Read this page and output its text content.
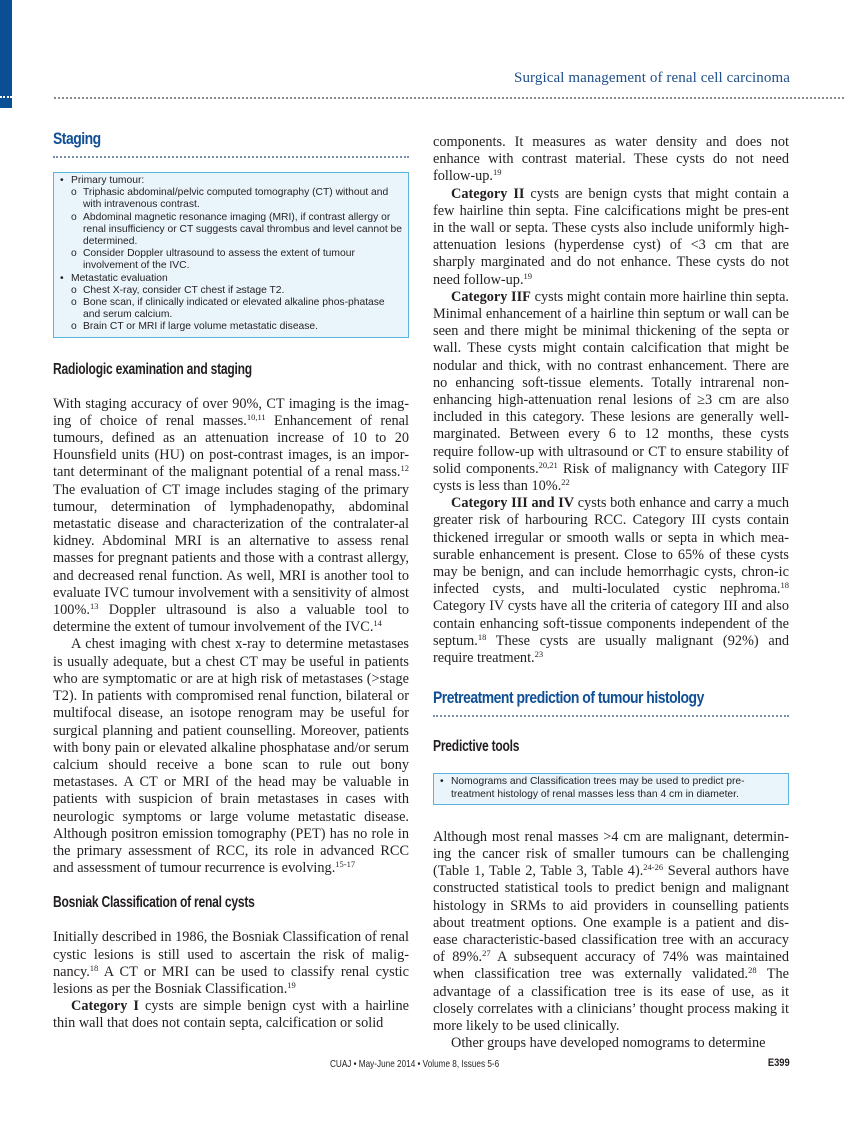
Surgical management of renal cell carcinoma
Staging
• Primary tumour:
o Triphasic abdominal/pelvic computed tomography (CT) without and with intravenous contrast.
o Abdominal magnetic resonance imaging (MRI), if contrast allergy or renal insufficiency or CT suggests caval thrombus and level cannot be determined.
o Consider Doppler ultrasound to assess the extent of tumour involvement of the IVC.
• Metastatic evaluation
o Chest X-ray, consider CT chest if ≥stage T2.
o Bone scan, if clinically indicated or elevated alkaline phos-phatase and serum calcium.
o Brain CT or MRI if large volume metastatic disease.
Radiologic examination and staging

With staging accuracy of over 90%, CT imaging is the imag-ing of choice of renal masses.$^{10,11}$ Enhancement of renal tumours, defined as an attenuation increase of 10 to 20 Hounsfield units (HU) on post-contrast images, is an impor-tant determinant of the malignant potential of a renal mass.$^{12}$ The evaluation of CT image includes staging of the primary tumour, determination of lymphadenopathy, abdominal metastatic disease and characterization of the contralater-al kidney. Abdominal MRI is an alternative to assess renal masses for pregnant patients and those with a contrast allergy, and decreased renal function. As well, MRI is another tool to evaluate IVC tumour involvement with a sensitivity of almost 100%.$^{13}$ Doppler ultrasound is also a valuable tool to determine the extent of tumour involvement of the IVC.$^{14}$

A chest imaging with chest x-ray to determine metastases is usually adequate, but a chest CT may be useful in patients who are symptomatic or are at high risk of metastases (>stage T2). In patients with compromised renal function, bilateral or multifocal disease, an isotope renogram may be useful for surgical planning and patient counselling. Moreover, patients with bony pain or elevated alkaline phosphatase and/or serum calcium should receive a bone scan to rule out bony metastases. A CT or MRI of the head may be valuable in patients with suspicion of brain metastases in cases with neurologic symptoms or large volume metastatic disease. Although positron emission tomography (PET) has no role in the primary assessment of RCC, its role in advanced RCC and assessment of tumour recurrence is evolving.$^{15-17}$

Bosniak Classification of renal cysts

Initially described in 1986, the Bosniak Classification of renal cystic lesions is still used to ascertain the risk of malig-nancy.$^{18}$ A CT or MRI can be used to classify renal cystic lesions as per the Bosniak Classification.$^{19}$

Category I cysts are simple benign cyst with a hairline thin wall that does not contain septa, calcification or solid

components. It measures as water density and does not enhance with contrast material. These cysts do not need follow-up.$^{19}$

Category II cysts are benign cysts that might contain a few hairline thin septa. Fine calcifications might be pres-ent in the wall or septa. These cysts also include uniformly high-attenuation lesions (hyperdense cyst) of <3 cm that are sharply marginated and do not enhance. These cysts do not need follow-up.$^{19}$

Category IIF cysts might contain more hairline thin septa. Minimal enhancement of a hairline thin septum or wall can be seen and there might be minimal thickening of the septa or wall. These cysts might contain calcification that might be nodular and thick, with no contrast enhancement. There are no enhancing soft-tissue elements. Totally intrarenal non-enhancing high-attenuation renal lesions of ≥3 cm are also included in this category. These lesions are generally well-marginated. Between every 6 to 12 months, these cysts require follow-up with ultrasound or CT to ensure stability of solid components.$^{20,21}$ Risk of malignancy with Category IIF cysts is less than 10%.$^{22}$

Category III and IV cysts both enhance and carry a much greater risk of harbouring RCC. Category III cysts contain thickened irregular or smooth walls or septa in which mea-surable enhancement is present. Close to 65% of these cysts may be benign, and can include hemorrhagic cysts, chron-ic infected cysts, and multi-loculated cystic nephroma.$^{18}$ Category IV cysts have all the criteria of category III and also contain enhancing soft-tissue components independent of the septum.$^{18}$ These cysts are usually malignant (92%) and require treatment.$^{23}$

Pretreatment prediction of tumour histology
Predictive tools
• Nomograms and Classification trees may be used to predict pre-treatment histology of renal masses less than 4 cm in diameter.

Although most renal masses >4 cm are malignant, determin-ing the cancer risk of smaller tumours can be challenging (Table 1, Table 2, Table 3, Table 4).$^{24-26}$ Several authors have constructed statistical tools to predict benign and malignant histology in SRMs to aid providers in counselling patients about treatment options. One example is a patient and dis-ease characteristic-based classification tree with an accuracy of 89%.$^{27}$ A subsequent accuracy of 74% was maintained when classification tree was externally validated.$^{28}$ The advantage of a classification tree is its ease of use, as it closely correlates with a clinicians’ thought process making it more likely to be used clinically.

Other groups have developed nomograms to determine

CUAJ • May-June 2014 • Volume 8, Issues 5-6	E399
